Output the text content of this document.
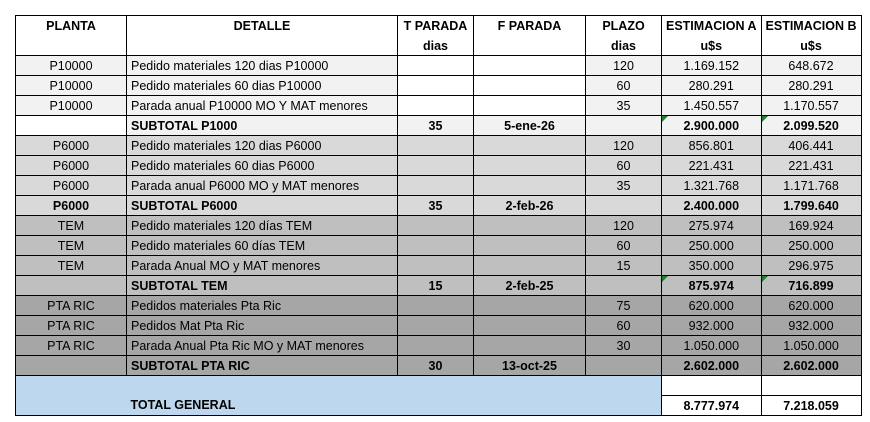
PLANTA	DETALLE	T PARADA	F PARADA	PLAZO	ESTIMACION A	ESTIMACION B
		dias		dias	u$s	u$s
P10000	Pedido materiales 120 dias P10000			120	1.169.152	648.672
P10000	Pedido materiales 60 dias P10000			60	280.291	280.291
P10000	Parada anual P10000 MO Y MAT menores			35	1.450.557	1.170.557
	SUBTOTAL P1000	35	5-ene-26		2.900.000	2.099.520
P6000	Pedido materiales 120 dias P6000			120	856.801	406.441
P6000	Pedido materiales 60 dias P6000			60	221.431	221.431
P6000	Parada anual P6000 MO y MAT menores			35	1.321.768	1.171.768
P6000	SUBTOTAL P6000	35	2-feb-26		2.400.000	1.799.640
TEM	Pedido materiales 120 días TEM			120	275.974	169.924
TEM	Pedido materiales 60 días TEM			60	250.000	250.000
TEM	Parada Anual MO y MAT menores			15	350.000	296.975
	SUBTOTAL TEM	15	2-feb-25		875.974	716.899
PTA RIC	Pedidos materiales Pta Ric			75	620.000	620.000
PTA RIC	Pedidos Mat Pta Ric			60	932.000	932.000
PTA RIC	Parada Anual Pta Ric MO y MAT menores			30	1.050.000	1.050.000
	SUBTOTAL PTA RIC	30	13-oct-25		2.602.000	2.602.000

	TOTAL GENERAL				8.777.974	7.218.059
